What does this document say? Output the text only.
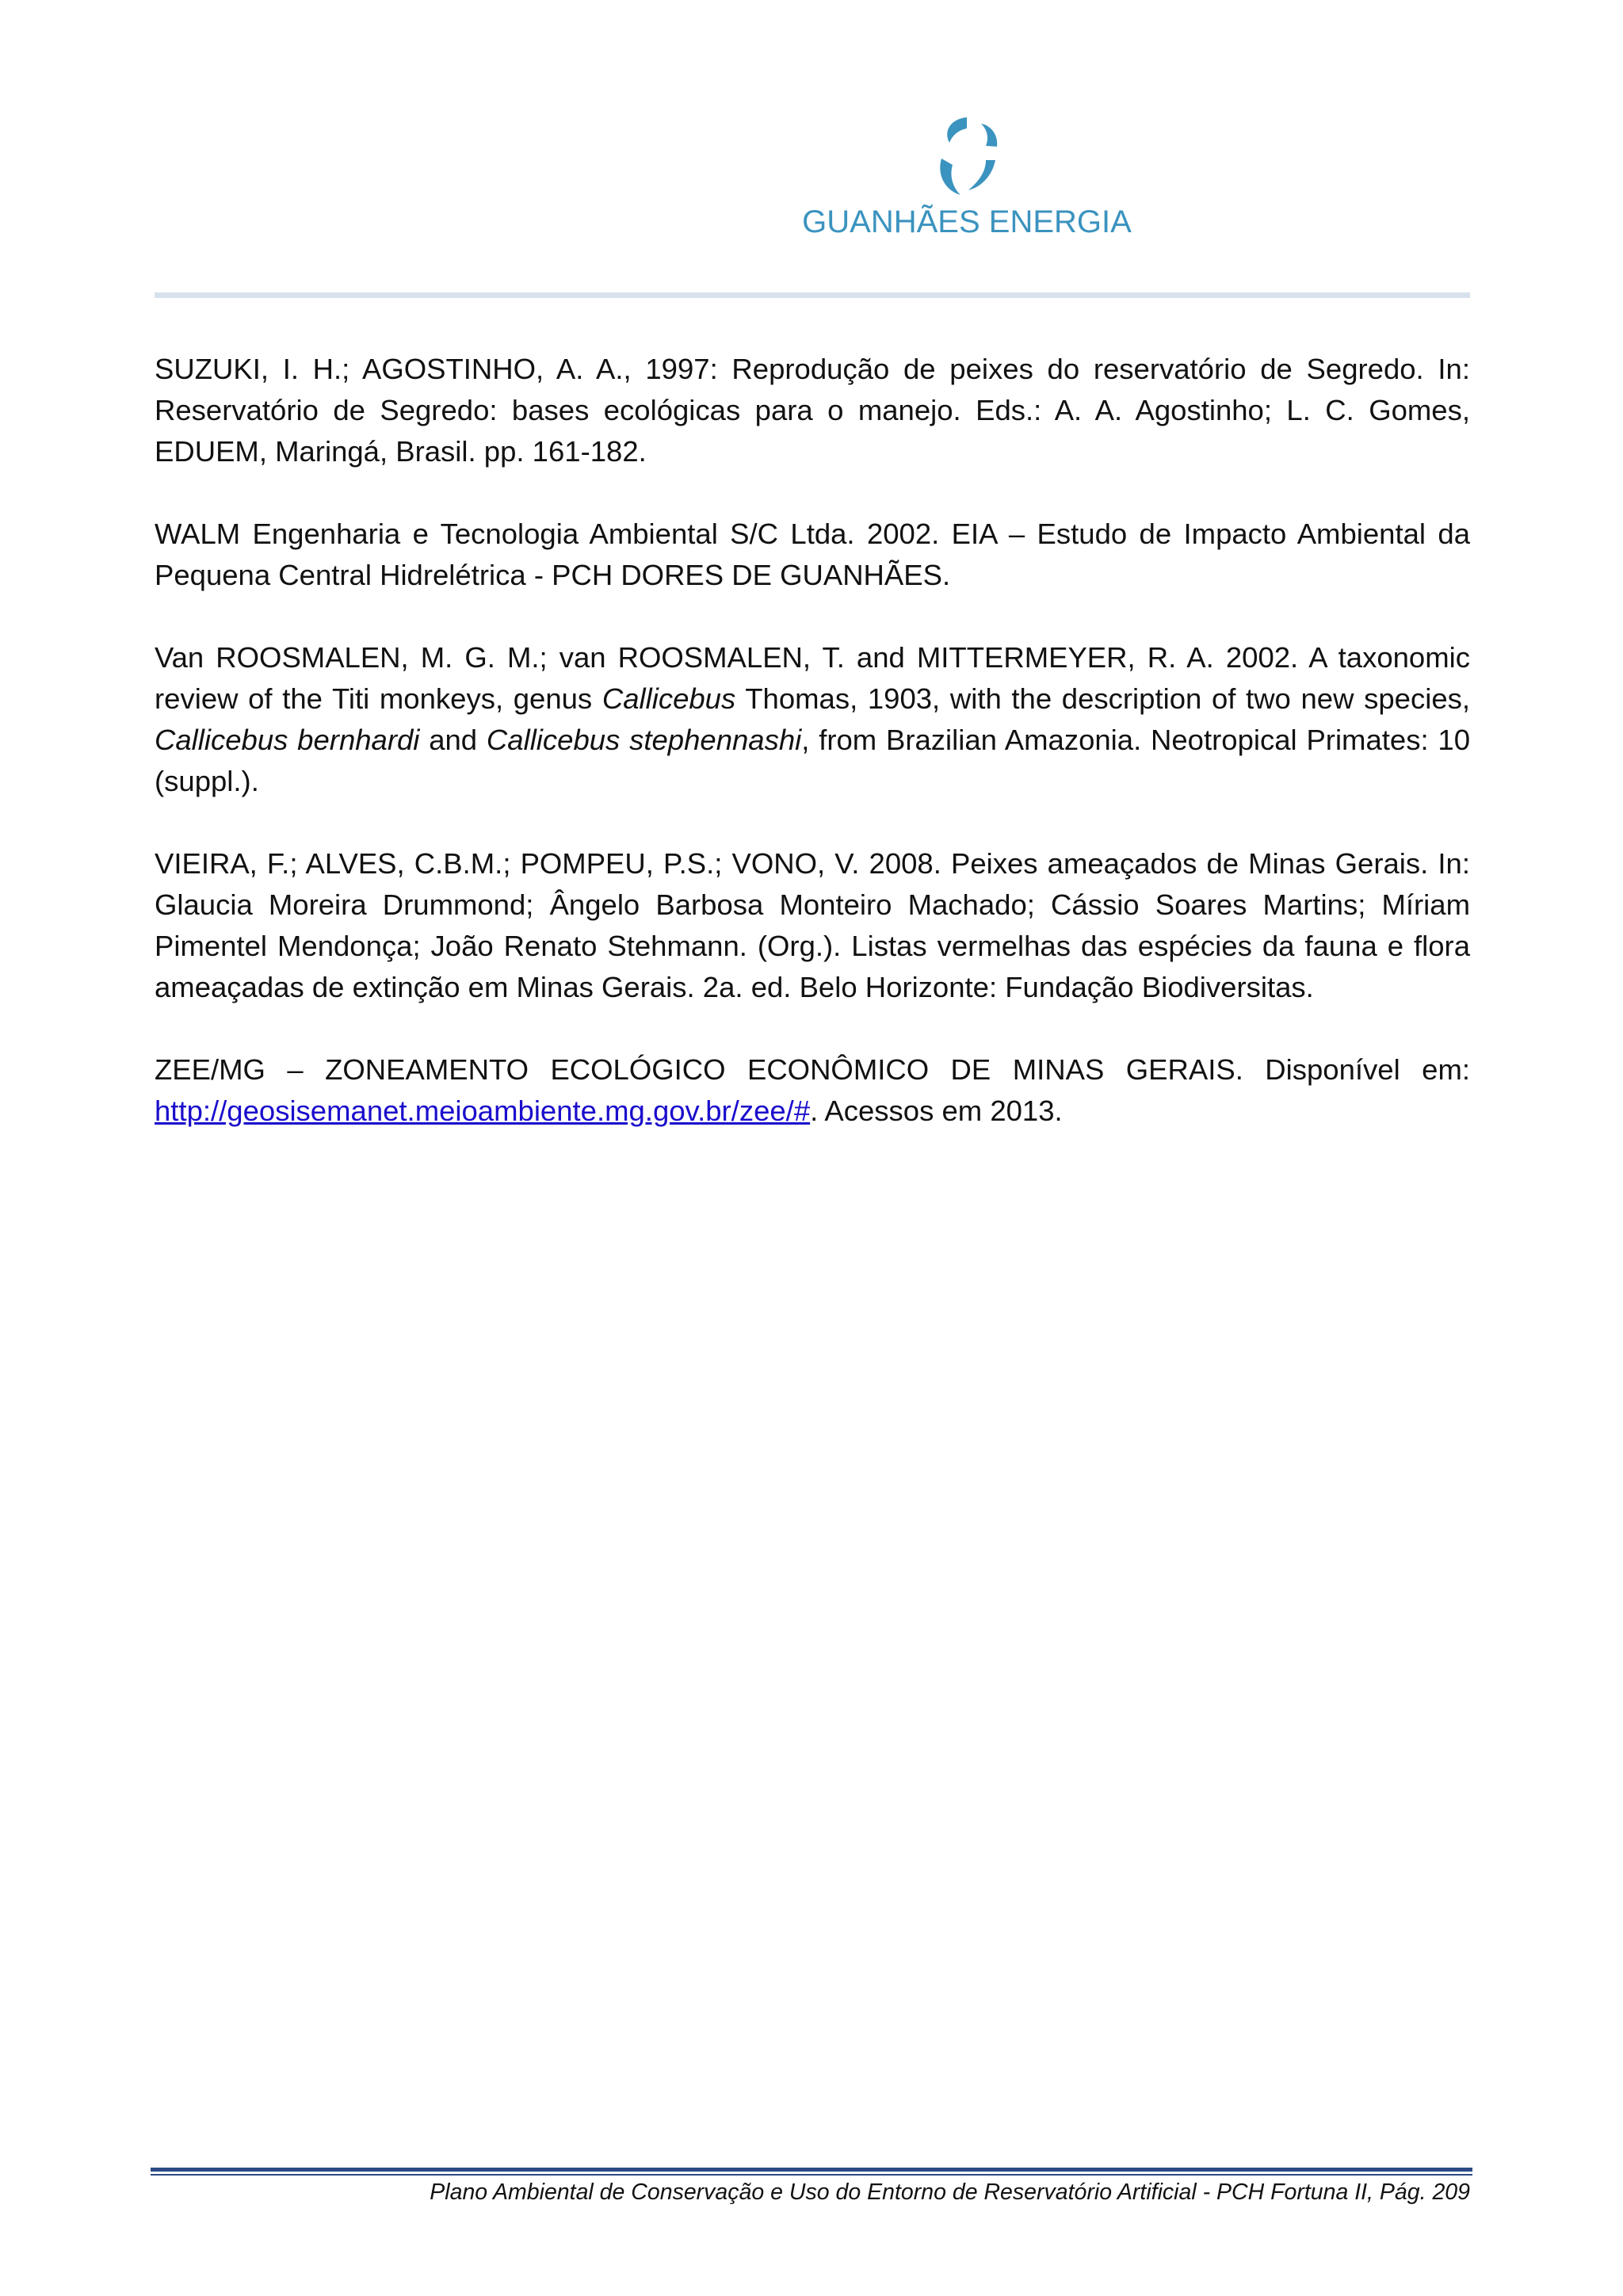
GUANHÃES ENERGIA

SUZUKI, I. H.; AGOSTINHO, A. A., 1997: Reprodução de peixes do reservatório de Segredo. In: Reservatório de Segredo: bases ecológicas para o manejo. Eds.: A. A. Agostinho; L. C. Gomes, EDUEM, Maringá, Brasil. pp. 161-182.

WALM Engenharia e Tecnologia Ambiental S/C Ltda. 2002. EIA – Estudo de Impacto Ambiental da Pequena Central Hidrelétrica - PCH DORES DE GUANHÃES.

Van ROOSMALEN, M. G. M.; van ROOSMALEN, T. and MITTERMEYER, R. A. 2002. A taxonomic review of the Titi monkeys, genus Callicebus Thomas, 1903, with the description of two new species, Callicebus bernhardi and Callicebus stephennashi, from Brazilian Amazonia. Neotropical Primates: 10 (suppl.).

VIEIRA, F.; ALVES, C.B.M.; POMPEU, P.S.; VONO, V. 2008. Peixes ameaçados de Minas Gerais. In: Glaucia Moreira Drummond; Ângelo Barbosa Monteiro Machado; Cássio Soares Martins; Míriam Pimentel Mendonça; João Renato Stehmann. (Org.). Listas vermelhas das espécies da fauna e flora ameaçadas de extinção em Minas Gerais. 2a. ed. Belo Horizonte: Fundação Biodiversitas.

ZEE/MG – ZONEAMENTO ECOLÓGICO ECONÔMICO DE MINAS GERAIS. Disponível em: http://geosisemanet.meioambiente.mg.gov.br/zee/#. Acessos em 2013.

Plano Ambiental de Conservação e Uso do Entorno de Reservatório Artificial - PCH Fortuna II, Pág. 209
